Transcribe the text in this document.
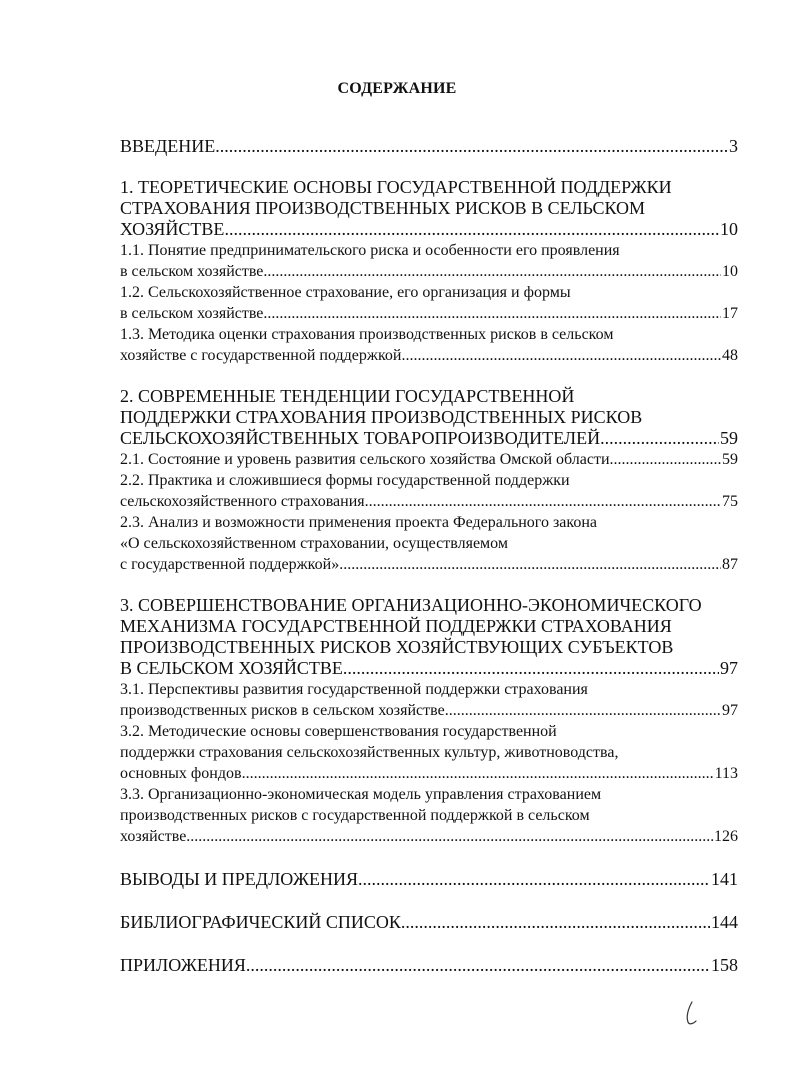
СОДЕРЖАНИЕ
ВВЕДЕНИЕ .....	3
1. ТЕОРЕТИЧЕСКИЕ ОСНОВЫ ГОСУДАРСТВЕННОЙ ПОДДЕРЖКИ
СТРАХОВАНИЯ ПРОИЗВОДСТВЕННЫХ РИСКОВ В СЕЛЬСКОМ
ХОЗЯЙСТВЕ .....	10
1.1. Понятие предпринимательского риска и особенности его проявления
в сельском хозяйстве .....	10
1.2. Сельскохозяйственное страхование, его организация и формы
в сельском хозяйстве .....	17
1.3. Методика оценки страхования производственных рисков в сельском
хозяйстве с государственной поддержкой .....	48
2. СОВРЕМЕННЫЕ ТЕНДЕНЦИИ ГОСУДАРСТВЕННОЙ
ПОДДЕРЖКИ СТРАХОВАНИЯ ПРОИЗВОДСТВЕННЫХ РИСКОВ
СЕЛЬСКОХОЗЯЙСТВЕННЫХ ТОВАРОПРОИЗВОДИТЕЛЕЙ .....	59
2.1. Состояние и уровень развития сельского хозяйства Омской области .....	59
2.2. Практика и сложившиеся формы государственной поддержки
сельскохозяйственного страхования .....	75
2.3. Анализ и возможности применения проекта Федерального закона
«О сельскохозяйственном страховании, осуществляемом
с государственной поддержкой» .....	87
3. СОВЕРШЕНСТВОВАНИЕ ОРГАНИЗАЦИОННО-ЭКОНОМИЧЕСКОГО
МЕХАНИЗМА ГОСУДАРСТВЕННОЙ ПОДДЕРЖКИ СТРАХОВАНИЯ
ПРОИЗВОДСТВЕННЫХ РИСКОВ ХОЗЯЙСТВУЮЩИХ СУБЪЕКТОВ
В СЕЛЬСКОМ ХОЗЯЙСТВЕ .....	97
3.1. Перспективы развития государственной поддержки страхования
производственных рисков в сельском хозяйстве .....	97
3.2. Методические основы совершенствования государственной
поддержки страхования сельскохозяйственных культур, животноводства,
основных фондов .....	113
3.3. Организационно-экономическая модель управления страхованием
производственных рисков с государственной поддержкой в сельском
хозяйстве .....	126
ВЫВОДЫ И ПРЕДЛОЖЕНИЯ .....	141
БИБЛИОГРАФИЧЕСКИЙ СПИСОК .....	144
ПРИЛОЖЕНИЯ .....	158
